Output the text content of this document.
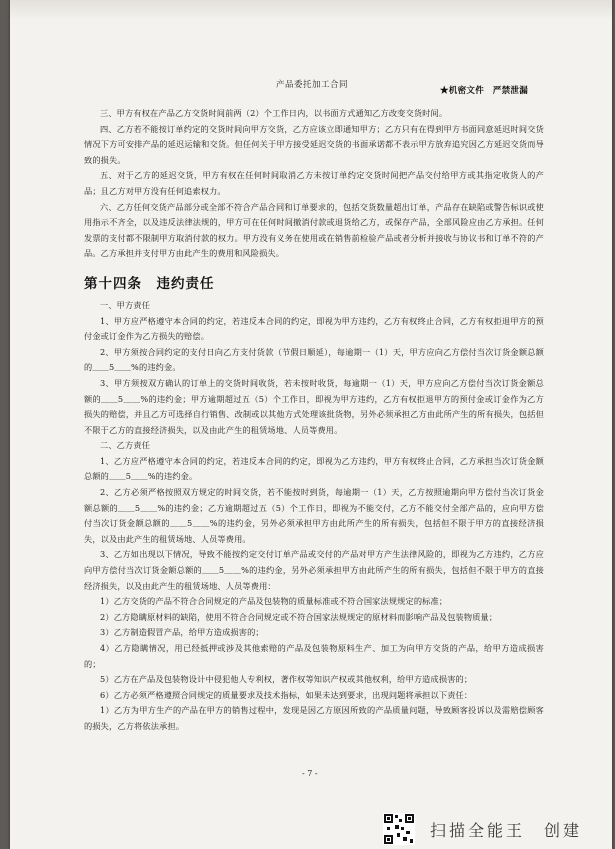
产品委托加工合同
★机密文件　严禁泄漏

三、甲方有权在产品乙方交货时间前两（2）个工作日内，以书面方式通知乙方改变交货时间。

四、乙方若不能按订单约定的交货时间向甲方交货，乙方应该立即通知甲方；乙方只有在得到甲方书面同意延迟时间交货情况下方可安排产品的延迟运输和交货。但任何关于甲方接受延迟交货的书面承诺都不表示甲方放弃追究因乙方延迟交货而导致的损失。

五、对于乙方的延迟交货，甲方有权在任何时间取消乙方未按订单约定交货时间把产品交付给甲方或其指定收货人的产品；且乙方对甲方没有任何追索权力。

六、乙方任何交货产品部分或全部不符合产品合同和订单要求的，包括交货数量超出订单，产品存在缺陷或警告标识或使用指示不齐全，以及违反法律法规的，甲方可在任何时间撤消付款或退货给乙方，或保存产品，全部风险应由乙方承担。任何发票的支付都不限制甲方取消付款的权力。甲方没有义务在使用或在销售前检验产品或者分析并接收与协议书和订单不符的产品。乙方承担并支付甲方由此产生的费用和风险损失。

第十四条　违约责任

一、甲方责任

1、甲方应严格遵守本合同的约定，若违反本合同的约定，即视为甲方违约，乙方有权终止合同，乙方有权拒退甲方的预付金或订金作为乙方损失的赔偿。

2、甲方须按合同约定的支付日向乙方支付货款（节假日顺延），每逾期一（1）天，甲方应向乙方偿付当次订货金额总额的＿＿5＿＿%的违约金。

3、甲方须按双方确认的订单上的交货时间收货，若未按时收货，每逾期一（1）天，甲方应向乙方偿付当次订货金额总额的＿＿5＿＿%的违约金；甲方逾期超过五（5）个工作日，即视为甲方违约，乙方有权拒退甲方的预付金或订金作为乙方损失的赔偿，并且乙方可选择自行销售、改制或以其他方式处理该批货物，另外必须承担乙方由此所产生的所有损失，包括但不限于乙方的直接经济损失，以及由此产生的租赁场地、人员等费用。

二、乙方责任

1、乙方应严格遵守本合同的约定，若违反本合同的约定，即视为乙方违约，甲方有权终止合同，乙方承担当次订货金额总额的＿＿5＿＿%的违约金。

2、乙方必须严格按照双方规定的时间交货，若不能按时到货，每逾期一（1）天，乙方按照逾期向甲方偿付当次订货金额总额的＿＿5＿＿%的违约金；乙方逾期超过五（5）个工作日，即视为不能交付，乙方不能交付全部产品的，应向甲方偿付当次订货金额总额的＿＿5＿＿%的违约金，另外必须承担甲方由此所产生的所有损失，包括但不限于甲方的直接经济损失，以及由此产生的租赁场地、人员等费用。

3、乙方如出现以下情况，导致不能按约定交付订单产品或交付的产品对甲方产生法律风险的，即视为乙方违约，乙方应向甲方偿付当次订货金额总额的＿＿5＿＿%的违约金，另外必须承担甲方由此所产生的所有损失，包括但不限于甲方的直接经济损失，以及由此产生的租赁场地、人员等费用：

1）乙方交货的产品不符合合同规定的产品及包装物的质量标准或不符合国家法规规定的标准；

2）乙方隐瞒原材料的缺陷，使用不符合合同规定或不符合国家法规规定的原材料而影响产品及包装物质量；

3）乙方制造假冒产品，给甲方造成损害的；

4）乙方隐瞒情况，用已经抵押或涉及其他索赔的产品及包装物原料生产、加工为向甲方交货的产品，给甲方造成损害的；

5）乙方在产品及包装物设计中侵犯他人专利权，著作权等知识产权或其他权利，给甲方造成损害的；

6）乙方必须严格遵照合同规定的质量要求及技术指标，如果未达到要求，出现问题将承担以下责任：

1）乙方为甲方生产的产品在甲方的销售过程中，发现是因乙方原因所致的产品质量问题，导致顾客投诉以及需赔偿顾客的损失，乙方将依法承担。

- 7 -
扫描全能王　创建
